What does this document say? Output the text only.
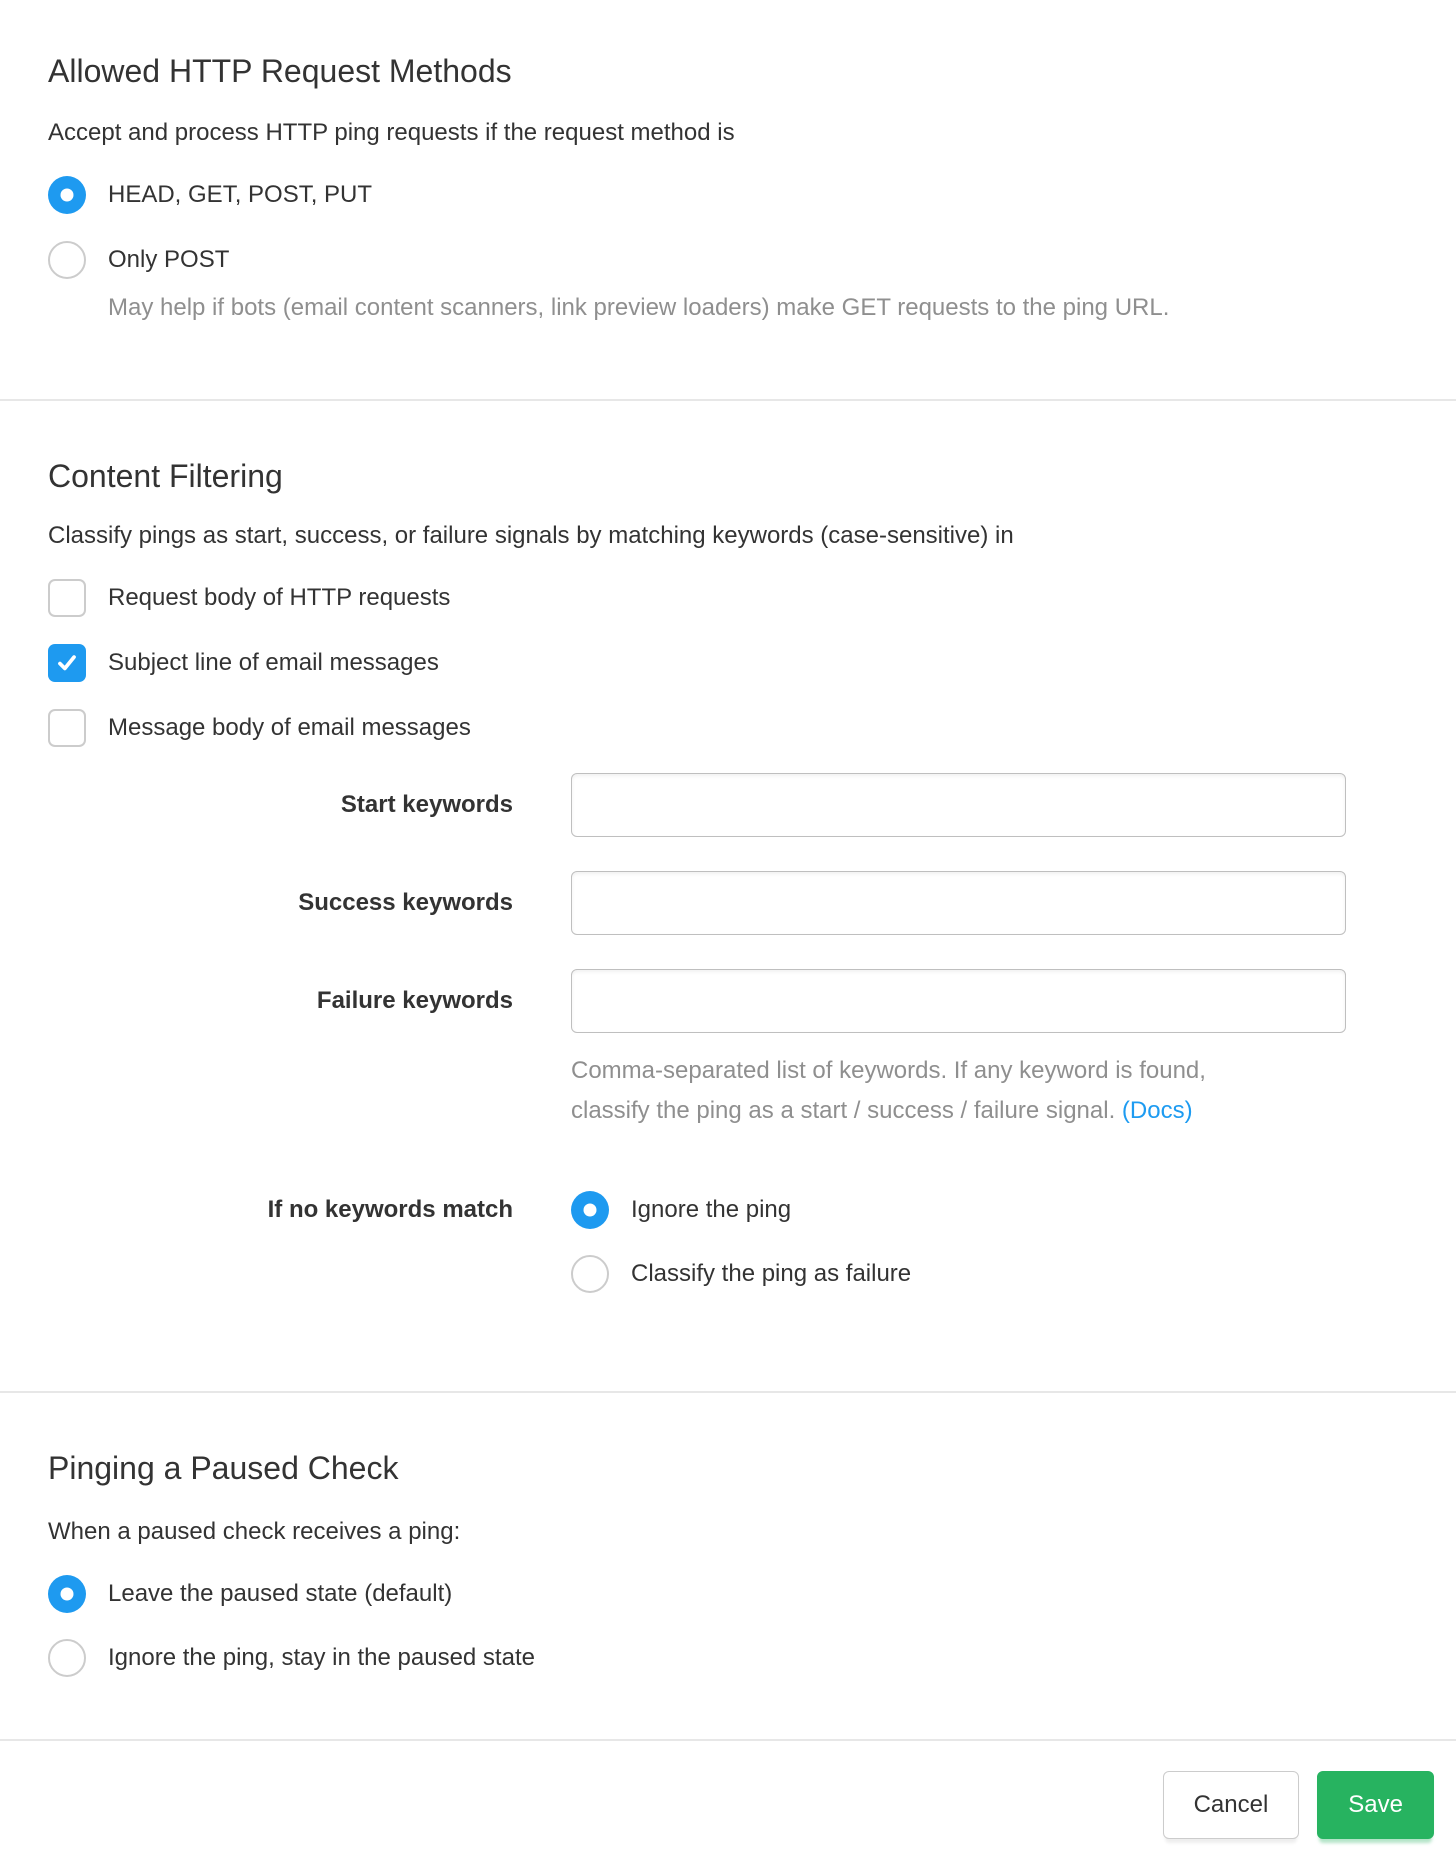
Allowed HTTP Request Methods

Accept and process HTTP ping requests if the request method is

HEAD, GET, POST, PUT
Only POST

May help if bots (email content scanners, link preview loaders) make GET requests to the ping URL.

Content Filtering

Classify pings as start, success, or failure signals by matching keywords (case-sensitive) in

Request body of HTTP requests
Subject line of email messages
Message body of email messages
Start keywords
Success keywords
Failure keywords
Comma-separated list of keywords. If any keyword is found,
classify the ping as a start / success / failure signal. (Docs)
If no keywords match	Ignore the ping
Classify the ping as failure
Pinging a Paused Check

When a paused check receives a ping:

Leave the paused state (default)
Ignore the ping, stay in the paused state
Cancel	Save
